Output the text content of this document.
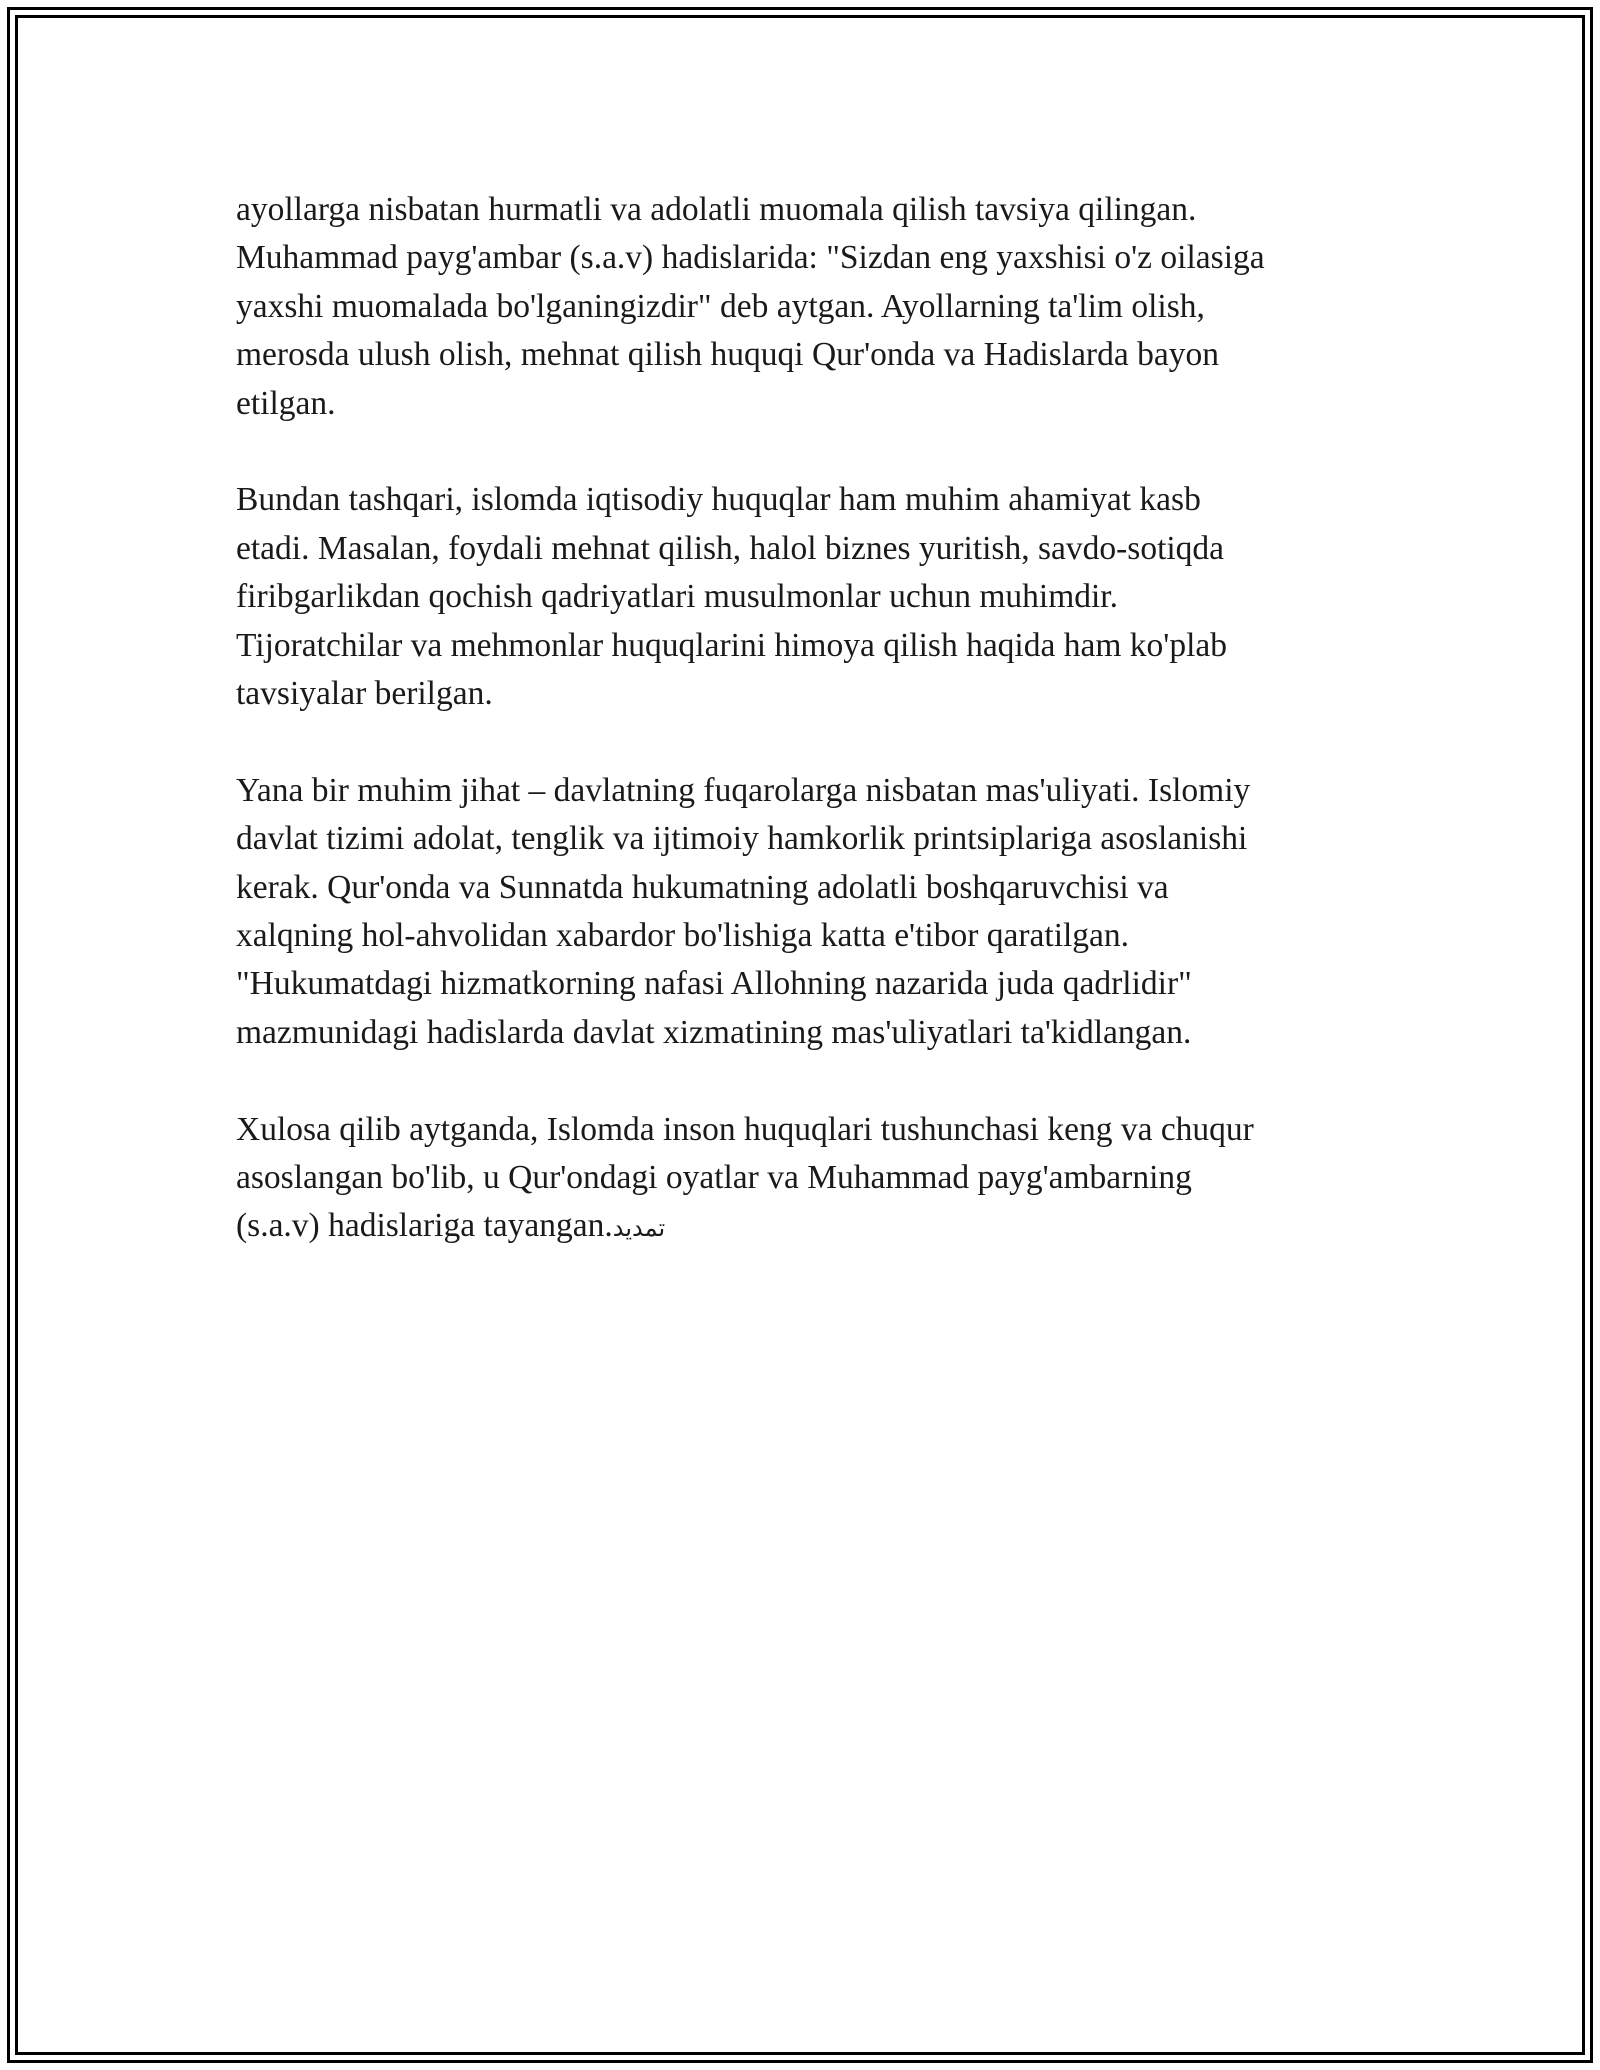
ayollarga nisbatan hurmatli va adolatli muomala qilish tavsiya qilingan.
Muhammad payg'ambar (s.a.v) hadislarida: "Sizdan eng yaxshisi o'z oilasiga
yaxshi muomalada bo'lganingizdir" deb aytgan. Ayollarning ta'lim olish,
merosda ulush olish, mehnat qilish huquqi Qur'onda va Hadislarda bayon
etilgan.

Bundan tashqari, islomda iqtisodiy huquqlar ham muhim ahamiyat kasb
etadi. Masalan, foydali mehnat qilish, halol biznes yuritish, savdo-sotiqda
firibgarlikdan qochish qadriyatlari musulmonlar uchun muhimdir.
Tijoratchilar va mehmonlar huquqlarini himoya qilish haqida ham ko'plab
tavsiyalar berilgan.

Yana bir muhim jihat – davlatning fuqarolarga nisbatan mas'uliyati. Islomiy
davlat tizimi adolat, tenglik va ijtimoiy hamkorlik printsiplariga asoslanishi
kerak. Qur'onda va Sunnatda hukumatning adolatli boshqaruvchisi va
xalqning hol-ahvolidan xabardor bo'lishiga katta e'tibor qaratilgan.
"Hukumatdagi hizmatkorning nafasi Allohning nazarida juda qadrlidir"
mazmunidagi hadislarda davlat xizmatining mas'uliyatlari ta'kidlangan.

Xulosa qilib aytganda, Islomda inson huquqlari tushunchasi keng va chuqur
asoslangan bo'lib, u Qur'ondagi oyatlar va Muhammad payg'ambarning
(s.a.v) hadislariga tayangan.تمديد
